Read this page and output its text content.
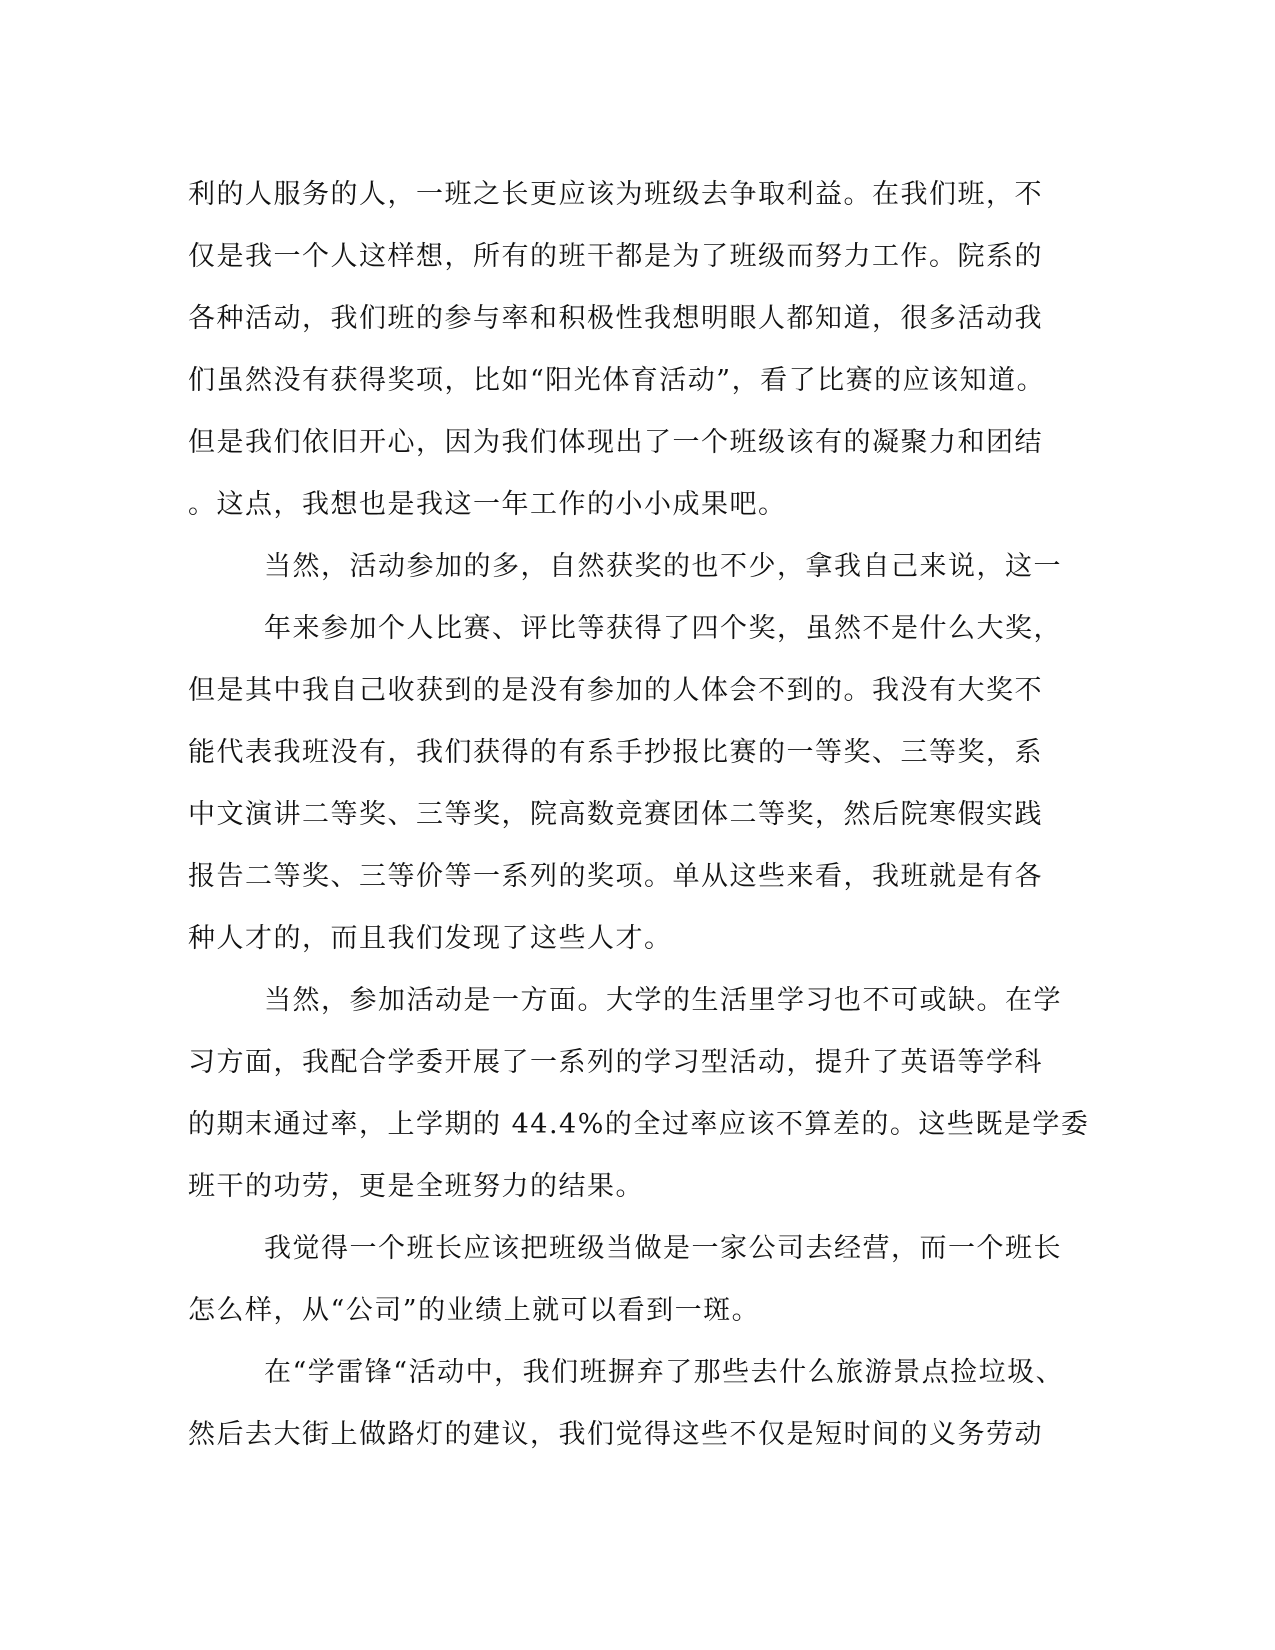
利的人服务的人，一班之长更应该为班级去争取利益。在我们班，不
仅是我一个人这样想，所有的班干都是为了班级而努力工作。院系的
各种活动，我们班的参与率和积极性我想明眼人都知道，很多活动我
们虽然没有获得奖项，比如“阳光体育活动”，看了比赛的应该知道。
但是我们依旧开心，因为我们体现出了一个班级该有的凝聚力和团结
。这点，我想也是我这一年工作的小小成果吧。
当然，活动参加的多，自然获奖的也不少，拿我自己来说，这一
年来参加个人比赛、评比等获得了四个奖，虽然不是什么大奖，
但是其中我自己收获到的是没有参加的人体会不到的。我没有大奖不
能代表我班没有，我们获得的有系手抄报比赛的一等奖、三等奖，系
中文演讲二等奖、三等奖，院高数竞赛团体二等奖，然后院寒假实践
报告二等奖、三等价等一系列的奖项。单从这些来看，我班就是有各
种人才的，而且我们发现了这些人才。
当然，参加活动是一方面。大学的生活里学习也不可或缺。在学
习方面，我配合学委开展了一系列的学习型活动，提升了英语等学科
的期末通过率，上学期的 44.4%的全过率应该不算差的。这些既是学委
班干的功劳，更是全班努力的结果。
我觉得一个班长应该把班级当做是一家公司去经营，而一个班长
怎么样，从“公司”的业绩上就可以看到一斑。
在“学雷锋“活动中，我们班摒弃了那些去什么旅游景点捡垃圾、
然后去大街上做路灯的建议，我们觉得这些不仅是短时间的义务劳动
